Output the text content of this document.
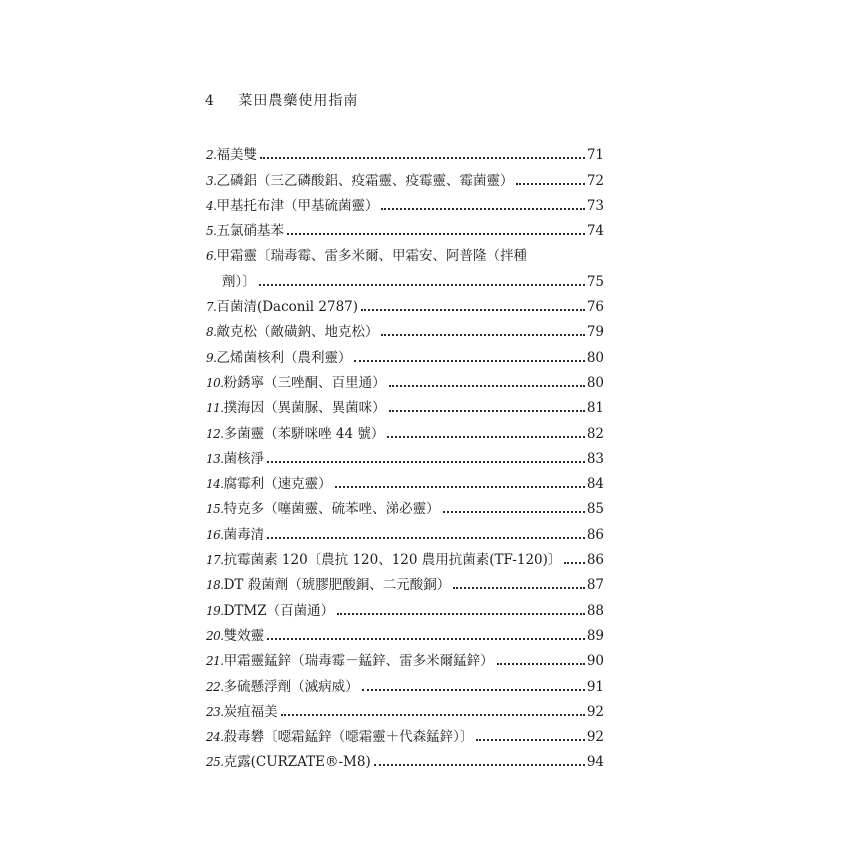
4 菜田農藥使用指南
2.福美雙	71
3.乙磷鋁（三乙磷酸鋁、疫霜靈、疫霉靈、霉菌靈）	72
4.甲基托布津（甲基硫菌靈）	73
5.五氯硝基苯	74
6.甲霜靈〔瑞毒霉、雷多米爾、甲霜安、阿普隆（拌種
劑）〕	75
7.百菌清(Daconil 2787)	76
8.敵克松（敵磺鈉、地克松）	79
9.乙烯菌核利（農利靈）	80
10.粉銹寧（三唑酮、百里通）	80
11.撲海因（異菌脲、異菌咪）	81
12.多菌靈（苯駢咪唑 44 號）	82
13.菌核淨	83
14.腐霉利（速克靈）	84
15.特克多（噻菌靈、硫苯唑、涕必靈）	85
16.菌毒清	86
17.抗霉菌素 120〔農抗 120、120 農用抗菌素(TF-120)〕 86
18.DT 殺菌劑（琥膠肥酸銅、二元酸銅）	87
19.DTMZ（百菌通）	88
20.雙效靈	89
21.甲霜靈錳鋅（瑞毒霉－錳鋅、雷多米爾錳鋅）	90
22.多硫懸浮劑（滅病威）	91
23.炭疽福美	92
24.殺毒礬〔噁霜錳鋅（噁霜靈＋代森錳鋅）〕	92
25.克露(CURZATE®-M8)	94
